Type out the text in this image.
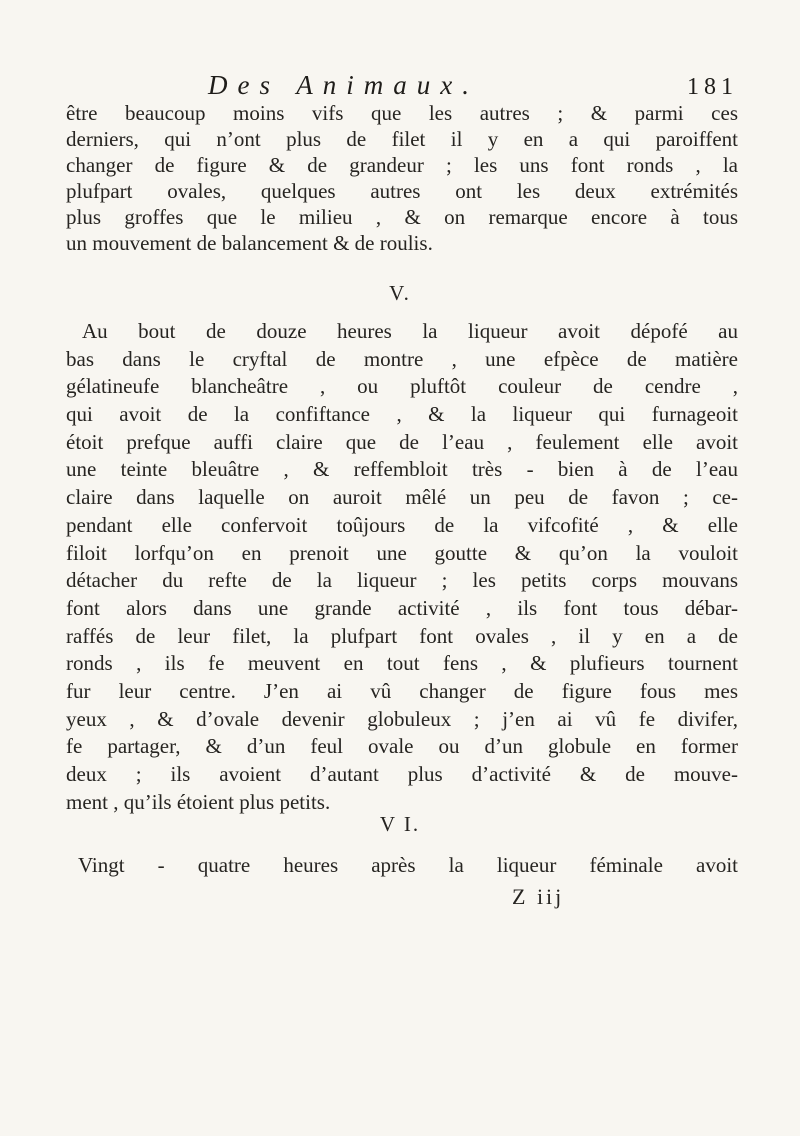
Des Animaux.	181
être beaucoup moins vifs que les autres ; & parmi ces
derniers, qui n’ont plus de filet il y en a qui paroiffent
changer de figure & de grandeur ; les uns font ronds , la
plufpart ovales, quelques autres ont les deux extrémités
plus groffes que le milieu , & on remarque encore à tous
un mouvement de balancement & de roulis.
V.
Au bout de douze heures la liqueur avoit dépofé au
bas dans le cryftal de montre , une efpèce de matière
gélatineufe blancheâtre , ou pluftôt couleur de cendre ,
qui avoit de la confiftance , & la liqueur qui furnageoit
étoit prefque auffi claire que de l’eau , feulement elle avoit
une teinte bleuâtre , & reffembloit très - bien à de l’eau
claire dans laquelle on auroit mêlé un peu de favon ; ce-
pendant elle confervoit toûjours de la vifcofité , & elle
filoit lorfqu’on en prenoit une goutte & qu’on la vouloit
détacher du refte de la liqueur ; les petits corps mouvans
font alors dans une grande activité , ils font tous débar-
raffés de leur filet, la plufpart font ovales , il y en a de
ronds , ils fe meuvent en tout fens , & plufieurs tournent
fur leur centre. J’en ai vû changer de figure fous mes
yeux , & d’ovale devenir globuleux ; j’en ai vû fe divifer,
fe partager, & d’un feul ovale ou d’un globule en former
deux ; ils avoient d’autant plus d’activité & de mouve-
ment , qu’ils étoient plus petits.
V I.
Vingt - quatre heures après la liqueur féminale avoit
Z iij
